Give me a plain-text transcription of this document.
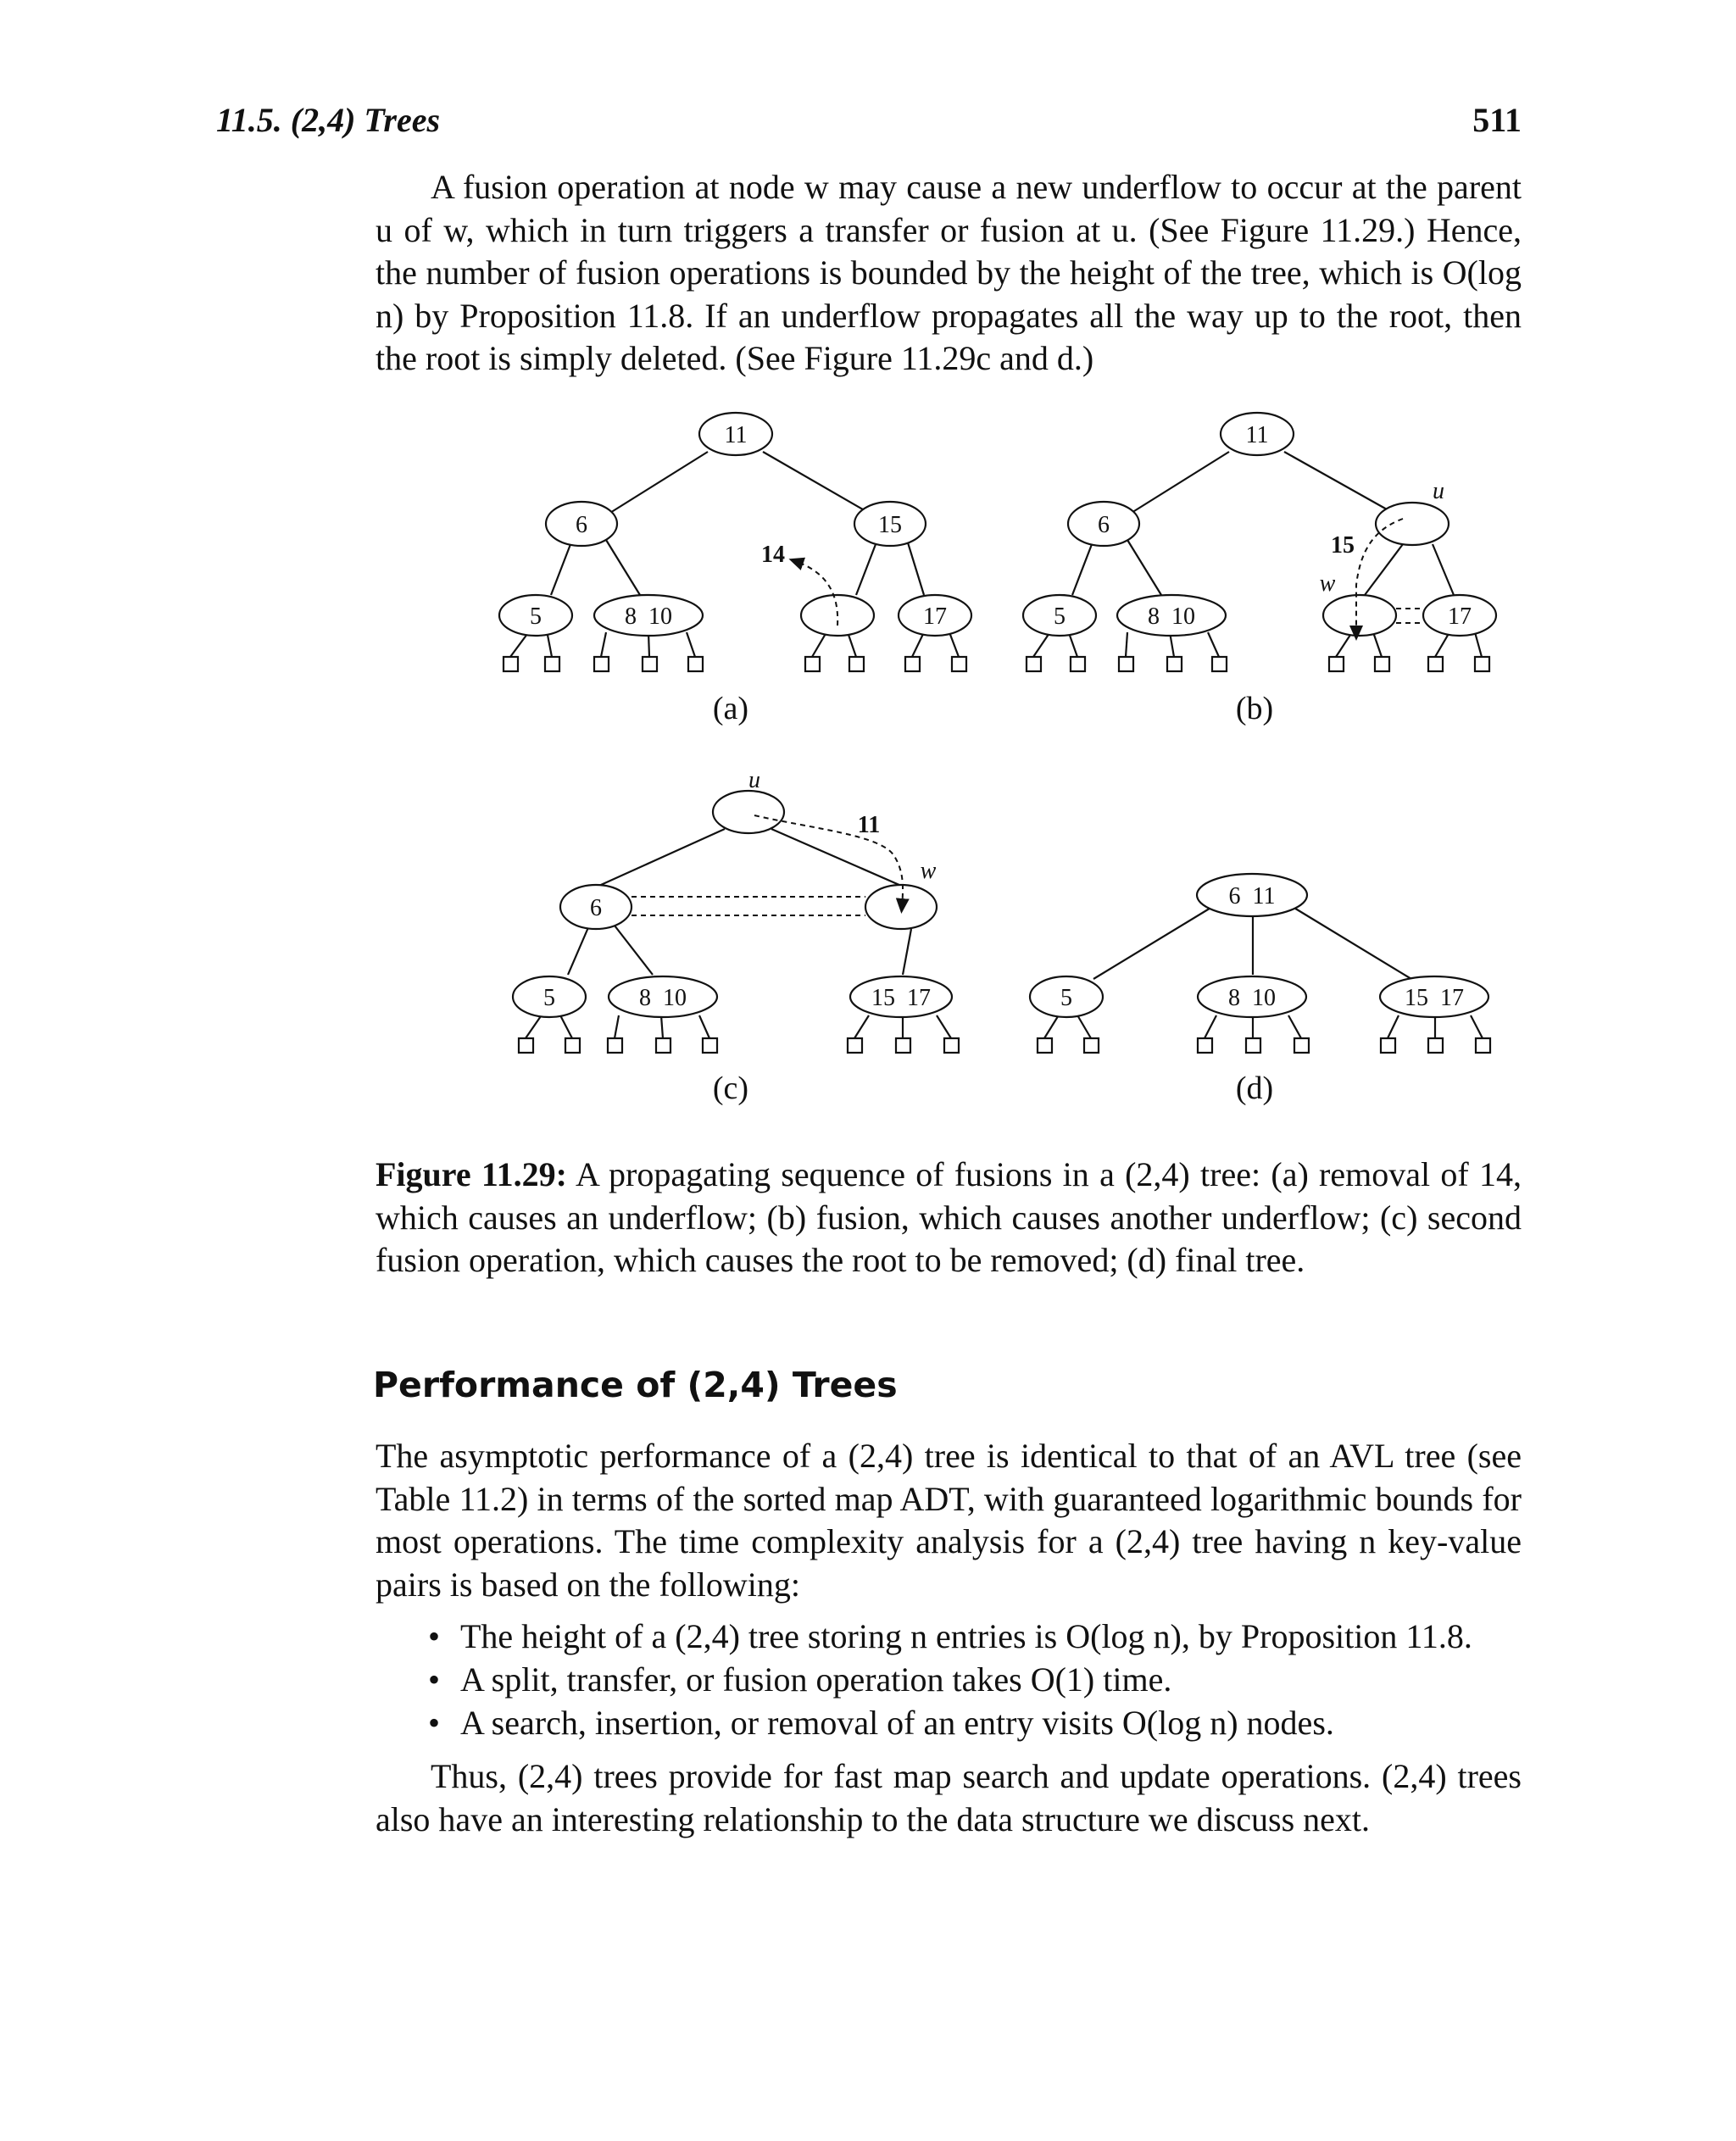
11.5. (2,4) Trees	511

A fusion operation at node w may cause a new underflow to occur at the parent u of w, which in turn triggers a transfer or fusion at u. (See Figure 11.29.) Hence, the number of fusion operations is bounded by the height of the tree, which is O(log n) by Proposition 11.8. If an underflow propagates all the way up to the root, then the root is simply deleted. (See Figure 11.29c and d.)

11
6	15
5	8  10	17
11
6
5	8  10	17
6
5	8  10	15  17
6  11
5	8  10	15  17
14	15
11
u
w
u
w
(a)	(b)
(c)	(d)
Figure 11.29: A propagating sequence of fusions in a (2,4) tree: (a) removal of 14, which causes an underflow; (b) fusion, which causes another underflow; (c) second fusion operation, which causes the root to be removed; (d) final tree.
Performance of (2,4) Trees

The asymptotic performance of a (2,4) tree is identical to that of an AVL tree (see Table 11.2) in terms of the sorted map ADT, with guaranteed logarithmic bounds for most operations. The time complexity analysis for a (2,4) tree having n key-value pairs is based on the following:

• The height of a (2,4) tree storing n entries is O(log n), by Proposition 11.8.
• A split, transfer, or fusion operation takes O(1) time.
• A search, insertion, or removal of an entry visits O(log n) nodes.

Thus, (2,4) trees provide for fast map search and update operations. (2,4) trees also have an interesting relationship to the data structure we discuss next.
